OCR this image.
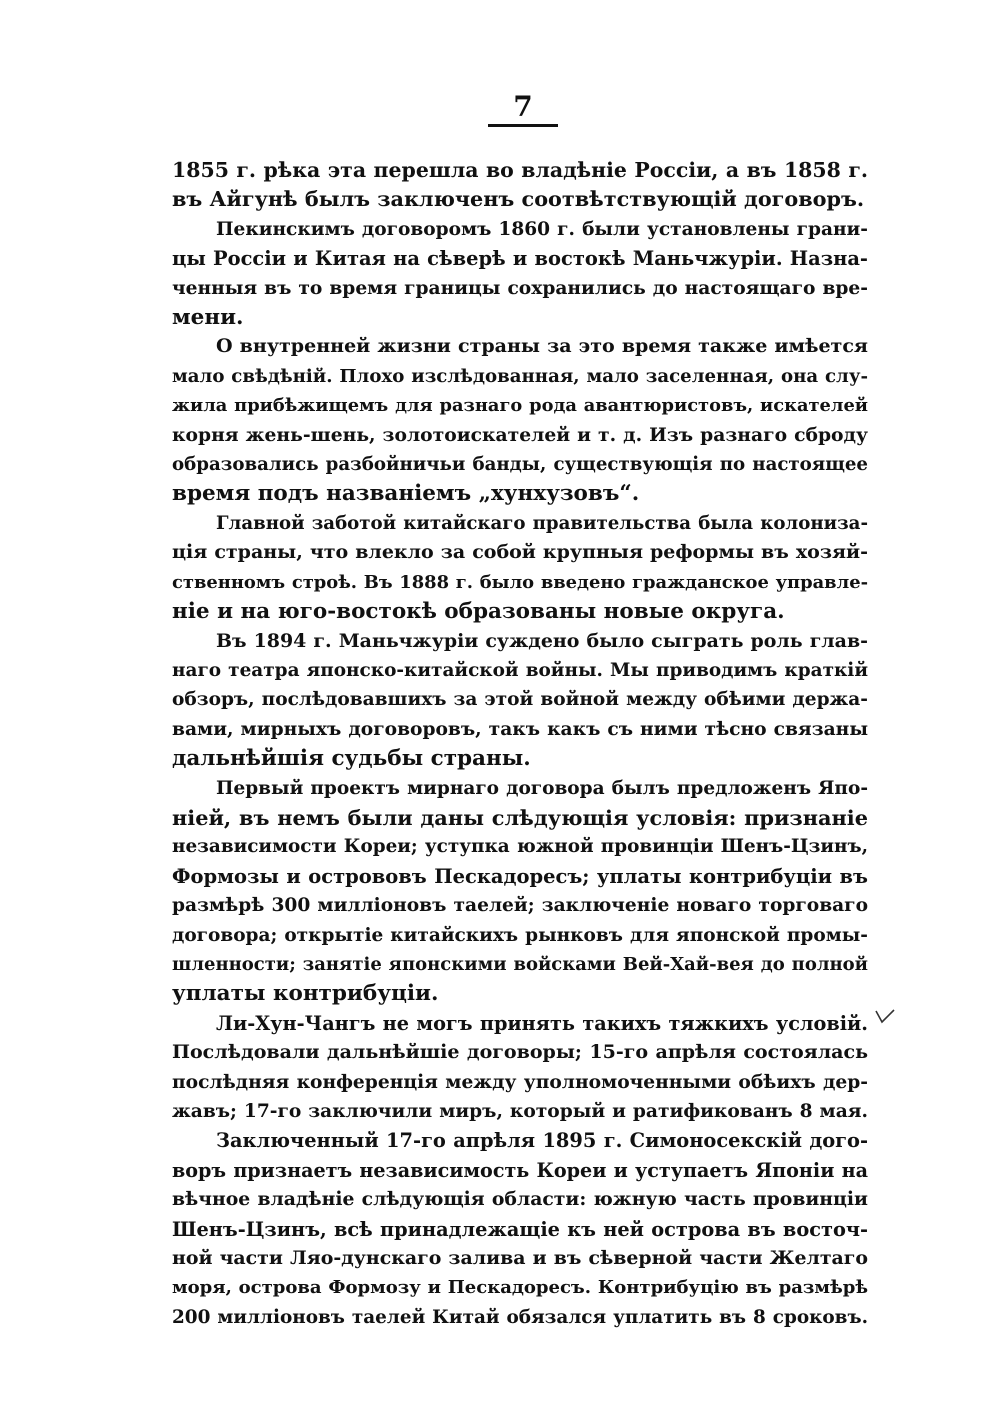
7
1855 г. рѣка эта перешла во владѣніе Россіи, а въ 1858 г.
въ Айгунѣ былъ заключенъ соотвѣтствующій договоръ.
Пекинскимъ договоромъ 1860 г. были установлены грани-
цы Россіи и Китая на сѣверѣ и востокѣ Маньчжуріи. Назна-
ченныя въ то время границы сохранились до настоящаго вре-
мени.
О внутренней жизни страны за это время также имѣется
мало свѣдѣній. Плохо изслѣдованная, мало заселенная, она слу-
жила прибѣжищемъ для разнаго рода авантюристовъ, искателей
корня жень-шень, золотоискателей и т. д. Изъ разнаго сброду
образовались разбойничьи банды, существующія по настоящее
время подъ названіемъ „хунхузовъ“.
Главной заботой китайскаго правительства была колониза-
ція страны, что влекло за собой крупныя реформы въ хозяй-
ственномъ строѣ. Въ 1888 г. было введено гражданское управле-
ніе и на юго-востокѣ образованы новые округа.
Въ 1894 г. Маньчжуріи суждено было сыграть роль глав-
наго театра японско-китайской войны. Мы приводимъ краткій
обзоръ, послѣдовавшихъ за этой войной между обѣими держа-
вами, мирныхъ договоровъ, такъ какъ съ ними тѣсно связаны
дальнѣйшія судьбы страны.
Первый проектъ мирнаго договора былъ предложенъ Япо-
ніей, въ немъ были даны слѣдующія условія: признаніе
независимости Кореи; уступка южной провинціи Шенъ-Цзинъ,
Формозы и острововъ Пескадоресъ; уплаты контрибуціи въ
размѣрѣ 300 милліоновъ таелей; заключеніе новаго торговаго
договора; открытіе китайскихъ рынковъ для японской промы-
шленности; занятіе японскими войсками Вей-Хай-вея до полной
уплаты контрибуціи.
Ли-Хун-Чангъ не могъ принять такихъ тяжкихъ условій.
Послѣдовали дальнѣйшіе договоры; 15-го апрѣля состоялась
послѣдняя конференція между уполномоченными обѣихъ дер-
жавъ; 17-го заключили миръ, который и ратификованъ 8 мая.
Заключенный 17-го апрѣля 1895 г. Симоносекскій дого-
воръ признаетъ независимость Кореи и уступаетъ Японіи на
вѣчное владѣніе слѣдующія области: южную часть провинціи
Шенъ-Цзинъ, всѣ принадлежащіе къ ней острова въ восточ-
ной части Ляо-дунскаго залива и въ сѣверной части Желтаго
моря, острова Формозу и Пескадоресъ. Контрибуцію въ размѣрѣ
200 милліоновъ таелей Китай обязался уплатить въ 8 сроковъ.
